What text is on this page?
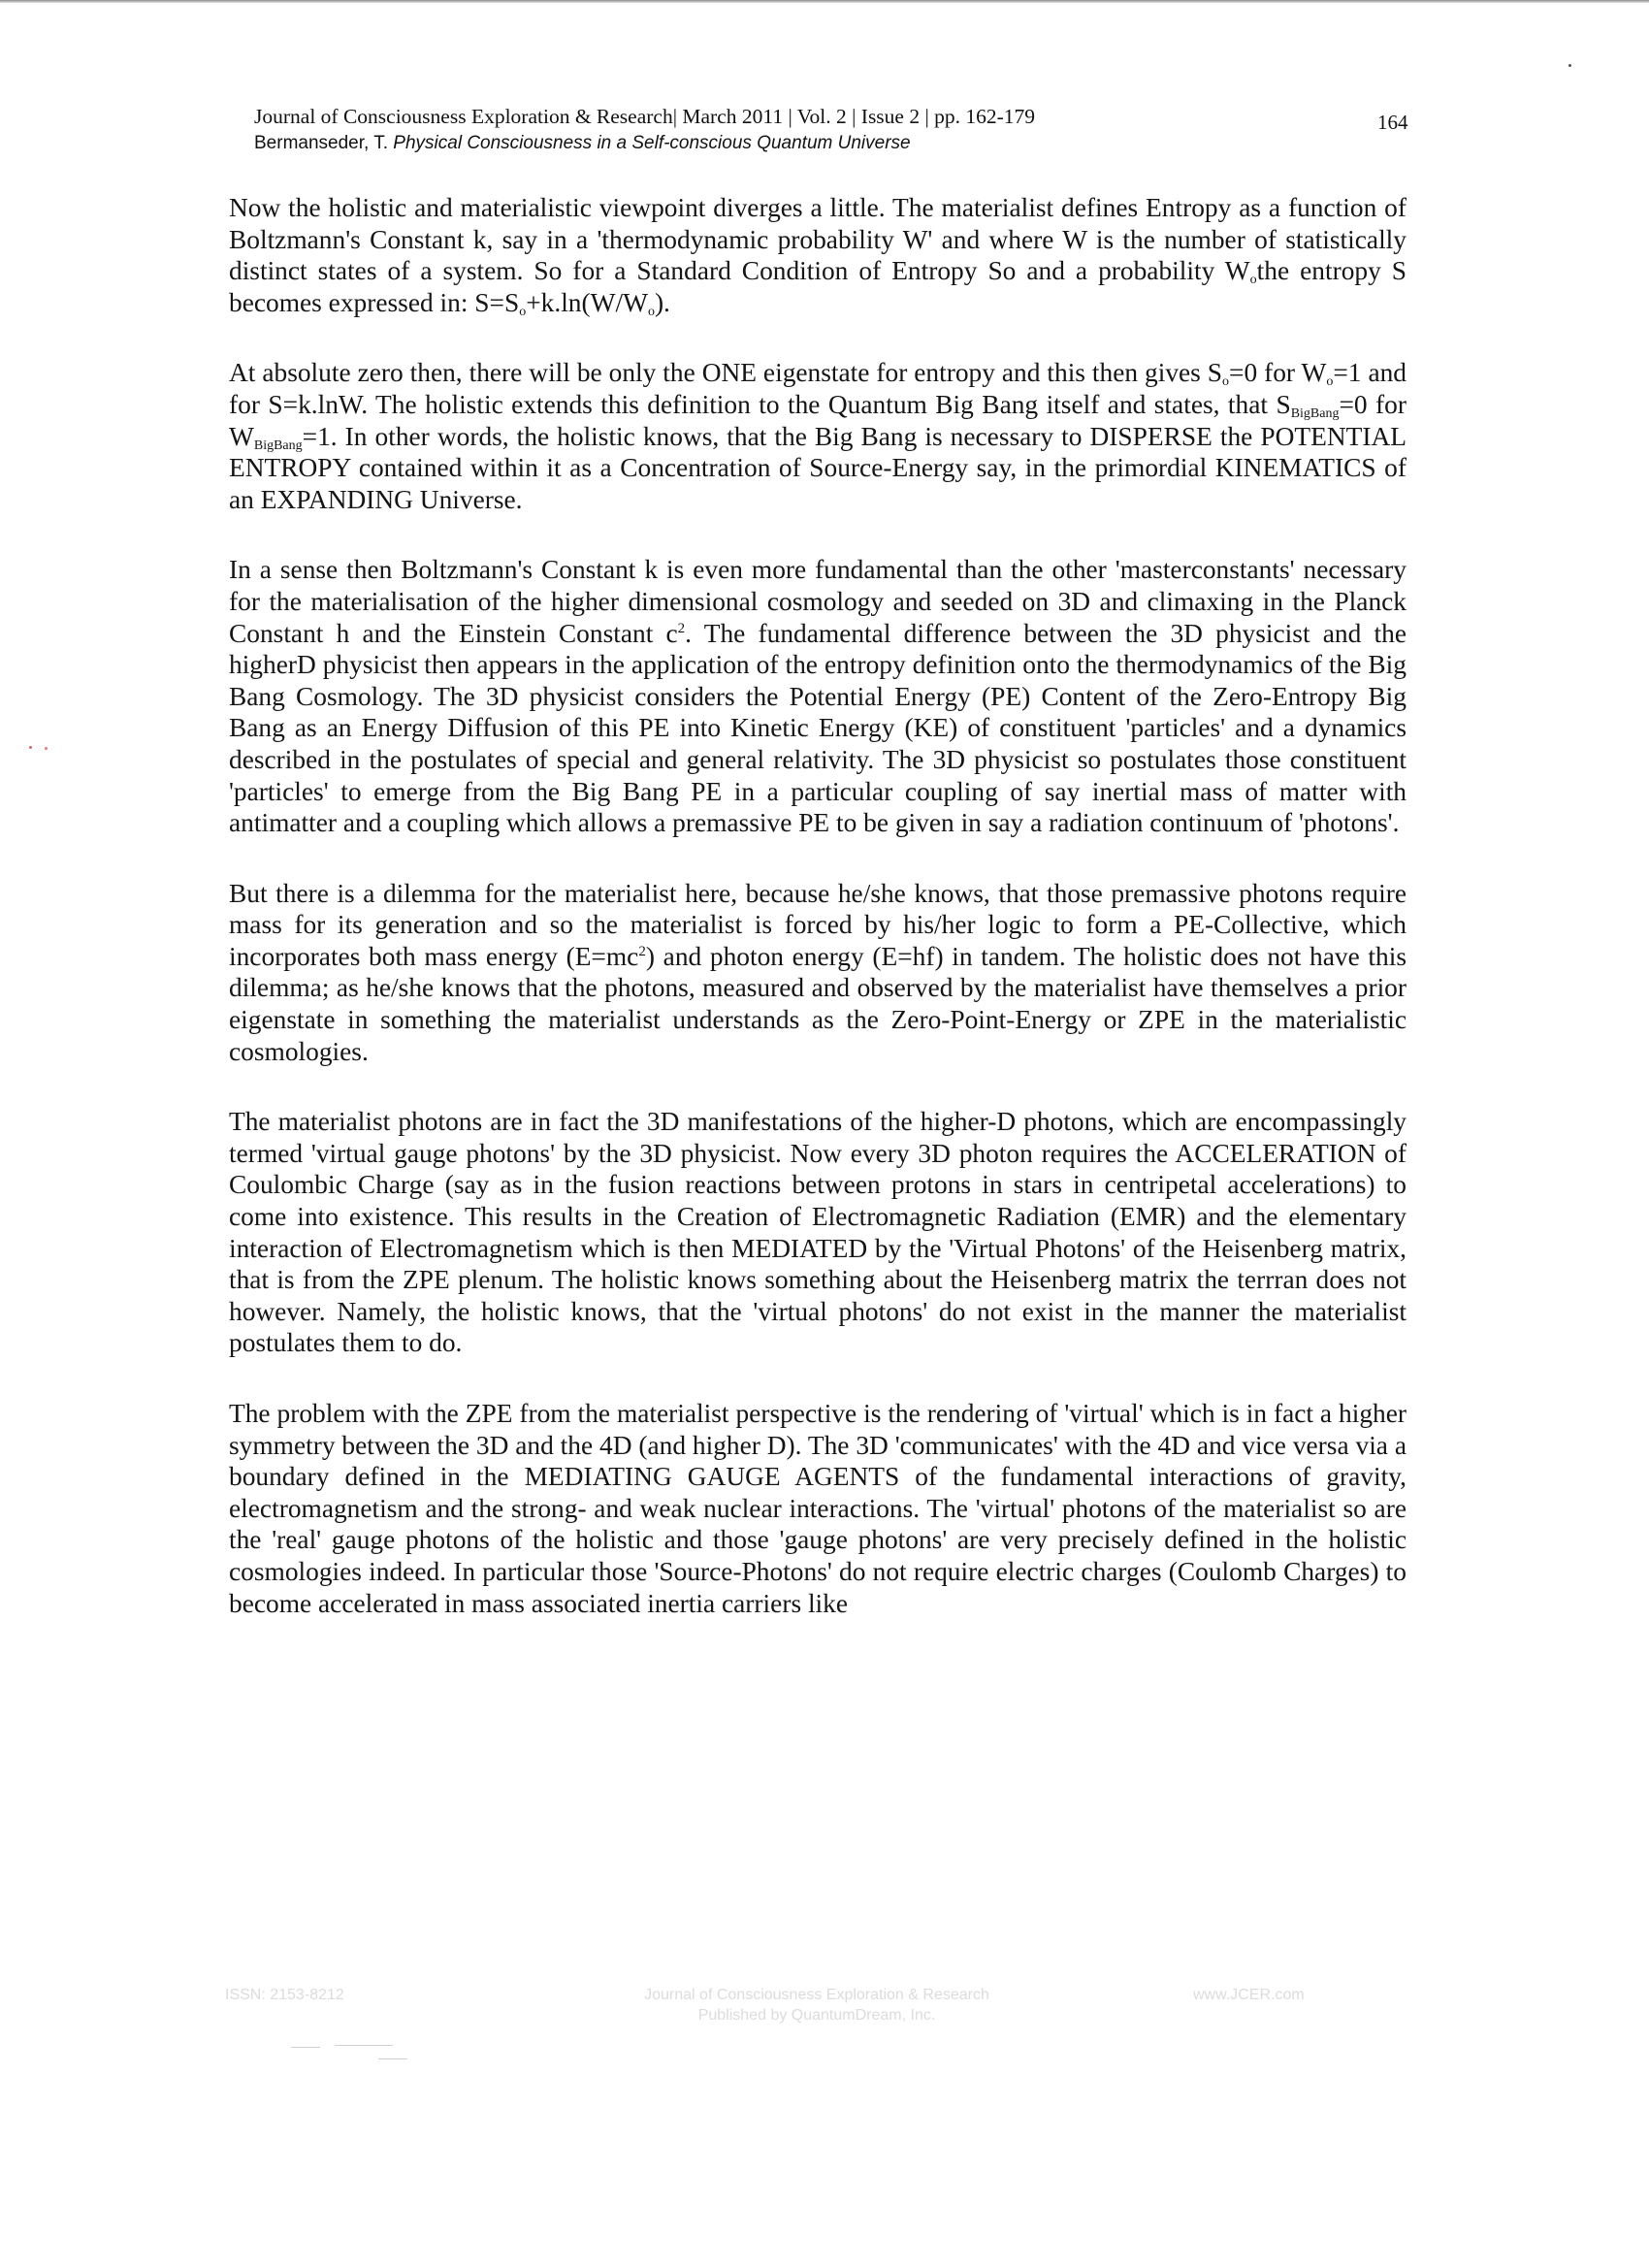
Journal of Consciousness Exploration & Research| March 2011 | Vol. 2 | Issue 2 | pp. 162-179
Bermanseder, T. Physical Consciousness in a Self-conscious Quantum Universe
164

Now the holistic and materialistic viewpoint diverges a little. The materialist defines Entropy as a function of Boltzmann's Constant k, say in a 'thermodynamic probability W' and where W is the number of statistically distinct states of a system. So for a Standard Condition of Entropy So and a probability $W_othe$ entropy S becomes expressed in: $S=S_o+k.\ln(W/W_o)$.

At absolute zero then, there will be only the ONE eigenstate for entropy and this then gives $S_o=0$ for $W_o=1$ and for S=k.lnW. The holistic extends this definition to the Quantum Big Bang itself and states, that $S_{BigBang}=0$ for $W_{BigBang}=1$. In other words, the holistic knows, that the Big Bang is necessary to DISPERSE the POTENTIAL ENTROPY contained within it as a Concentration of Source-Energy say, in the primordial KINEMATICS of an EXPANDING Universe.

In a sense then Boltzmann's Constant k is even more fundamental than the other 'masterconstants' necessary for the materialisation of the higher dimensional cosmology and seeded on 3D and climaxing in the Planck Constant h and the Einstein Constant $c^2$. The fundamental difference between the 3D physicist and the higherD physicist then appears in the application of the entropy definition onto the thermodynamics of the Big Bang Cosmology. The 3D physicist considers the Potential Energy (PE) Content of the Zero-Entropy Big Bang as an Energy Diffusion of this PE into Kinetic Energy (KE) of constituent 'particles' and a dynamics described in the postulates of special and general relativity. The 3D physicist so postulates those constituent 'particles' to emerge from the Big Bang PE in a particular coupling of say inertial mass of matter with antimatter and a coupling which allows a premassive PE to be given in say a radiation continuum of 'photons'.

But there is a dilemma for the materialist here, because he/she knows, that those premassive photons require mass for its generation and so the materialist is forced by his/her logic to form a PE-Collective, which incorporates both mass energy $(E=mc^2)$ and photon energy (E=hf) in tandem. The holistic does not have this dilemma; as he/she knows that the photons, measured and observed by the materialist have themselves a prior eigenstate in something the materialist understands as the Zero-Point-Energy or ZPE in the materialistic cosmologies.

The materialist photons are in fact the 3D manifestations of the higher-D photons, which are encompassingly termed 'virtual gauge photons' by the 3D physicist. Now every 3D photon requires the ACCELERATION of Coulombic Charge (say as in the fusion reactions between protons in stars in centripetal accelerations) to come into existence. This results in the Creation of Electromagnetic Radiation (EMR) and the elementary interaction of Electromagnetism which is then MEDIATED by the 'Virtual Photons' of the Heisenberg matrix, that is from the ZPE plenum. The holistic knows something about the Heisenberg matrix the terrran does not however. Namely, the holistic knows, that the 'virtual photons' do not exist in the manner the materialist postulates them to do.

The problem with the ZPE from the materialist perspective is the rendering of 'virtual' which is in fact a higher symmetry between the 3D and the 4D (and higher D). The 3D 'communicates' with the 4D and vice versa via a boundary defined in the MEDIATING GAUGE AGENTS of the fundamental interactions of gravity, electromagnetism and the strong- and weak nuclear interactions. The 'virtual' photons of the materialist so are the 'real' gauge photons of the holistic and those 'gauge photons' are very precisely defined in the holistic cosmologies indeed. In particular those 'Source-Photons' do not require electric charges (Coulomb Charges) to become accelerated in mass associated inertia carriers like

ISSN: 2153-8212	Journal of Consciousness Exploration & Research
Published by QuantumDream, Inc.
www.JCER.com
